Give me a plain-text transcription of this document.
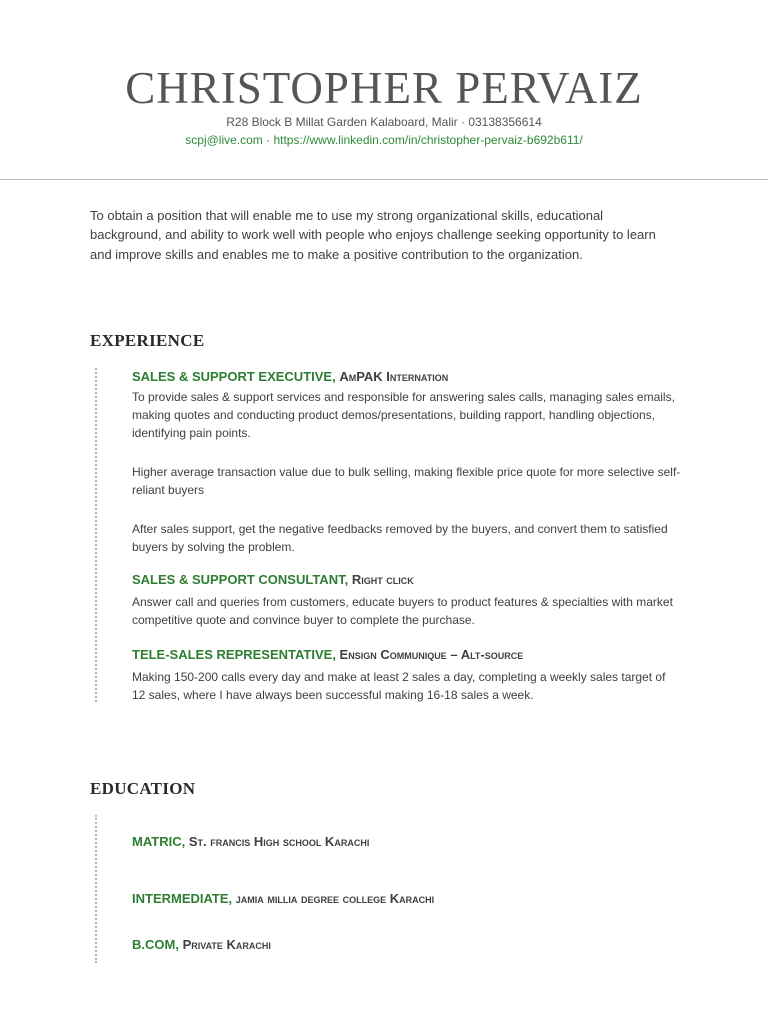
CHRISTOPHER PERVAIZ
R28 Block B Millat Garden Kalaboard, Malir · 03138356614
scpj@live.com · https://www.linkedin.com/in/christopher-pervaiz-b692b611/
To obtain a position that will enable me to use my strong organizational skills, educational background, and ability to work well with people who enjoys challenge seeking opportunity to learn and improve skills and enables me to make a positive contribution to the organization.
EXPERIENCE
SALES & SUPPORT EXECUTIVE, AmPAK Internation

To provide sales & support services and responsible for answering sales calls, managing sales emails, making quotes and conducting product demos/presentations, building rapport, handling objections, identifying pain points.

Higher average transaction value due to bulk selling, making flexible price quote for more selective self-reliant buyers

After sales support, get the negative feedbacks removed by the buyers, and convert them to satisfied buyers by solving the problem.

SALES & SUPPORT CONSULTANT, Right click

Answer call and queries from customers, educate buyers to product features & specialties with market competitive quote and convince buyer to complete the purchase.

TELE-SALES REPRESENTATIVE, Ensign Communique – Alt-source

Making 150-200 calls every day and make at least 2 sales a day, completing a weekly sales target of 12 sales, where I have always been successful making 16-18 sales a week.

EDUCATION
MATRIC, St. francis High school Karachi
INTERMEDIATE, jamia millia degree college Karachi
B.COM, Private Karachi
